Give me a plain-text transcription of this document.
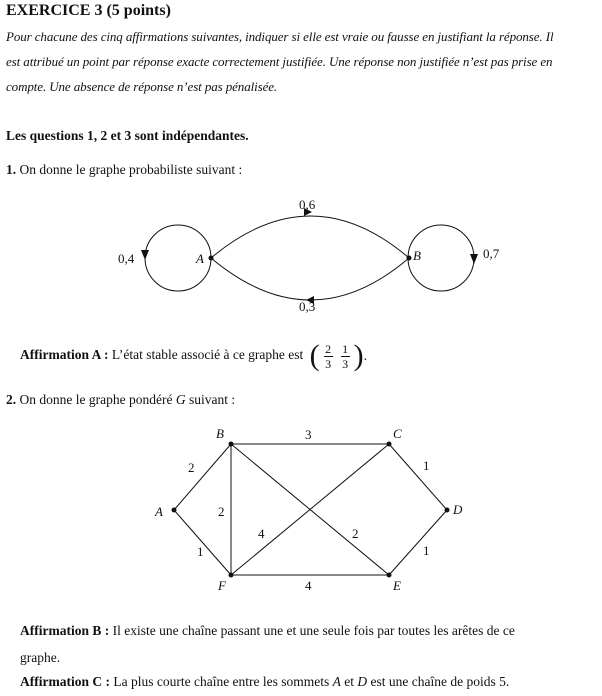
EXERCICE 3 (5 points)
Pour chacune des cinq affirmations suivantes, indiquer si elle est vraie ou fausse en justifiant la réponse. Il
est attribué un point par réponse exacte correctement justifiée. Une réponse non justifiée n’est pas prise en
compte. Une absence de réponse n’est pas pénalisée.
Les questions 1, 2 et 3 sont indépendantes.
1. On donne le graphe probabiliste suivant :
A	B
0,4	0,7
0,6
0,3
Affirmation A : L’état stable associé à ce graphe est ( 2
3
1
3 ) .
2. On donne le graphe pondéré G suivant :
A
B	C
D
E
F
2
1
3
2
2
4
1
1
4
Affirmation B : Il existe une chaîne passant une et une seule fois par toutes les arêtes de ce
graphe.
Affirmation C : La plus courte chaîne entre les sommets A et D est une chaîne de poids 5.
